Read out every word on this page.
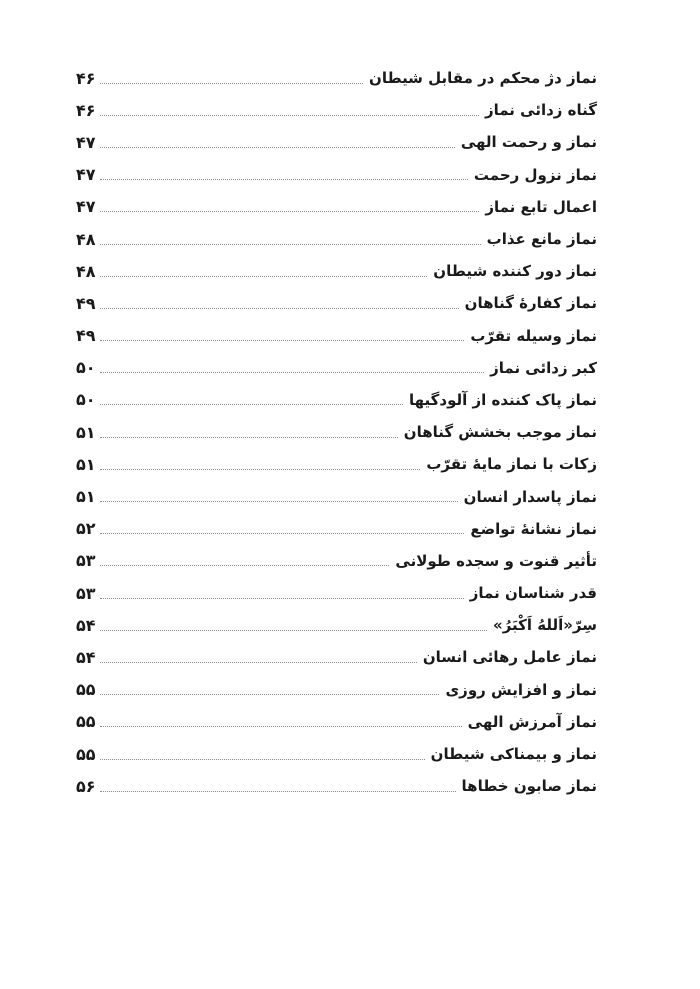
نماز دژ محکم در مقابل شیطان
۴۶
گناه زدائی نماز
۴۶
نماز و رحمت الهی
۴۷
نماز نزول رحمت
۴۷
اعمال تابع نماز
۴۷
نماز مانع عذاب
۴۸
نماز دور کننده شیطان
۴۸
نماز کفارهٔ گناهان
۴۹
نماز وسیله تقرّب
۴۹
کبر زدائی نماز
۵۰
نماز پاک کننده از آلودگیها
۵۰
نماز موجب بخشش گناهان
۵۱
زکات با نماز مایهٔ تقرّب
۵۱
نماز پاسدار انسان
۵۱
نماز نشانهٔ تواضع
۵۲
تأثیر قنوت و سجده طولانی
۵۳
قدر شناسان نماز
۵۳
سِرّ«اَللهُ اَکْبَرُ»
۵۴
نماز عامل رهائی انسان
۵۴
نماز و افزایش روزی
۵۵
نماز آمرزش الهی
۵۵
نماز و بیمناکی شیطان
۵۵
نماز صابون خطاها
۵۶
